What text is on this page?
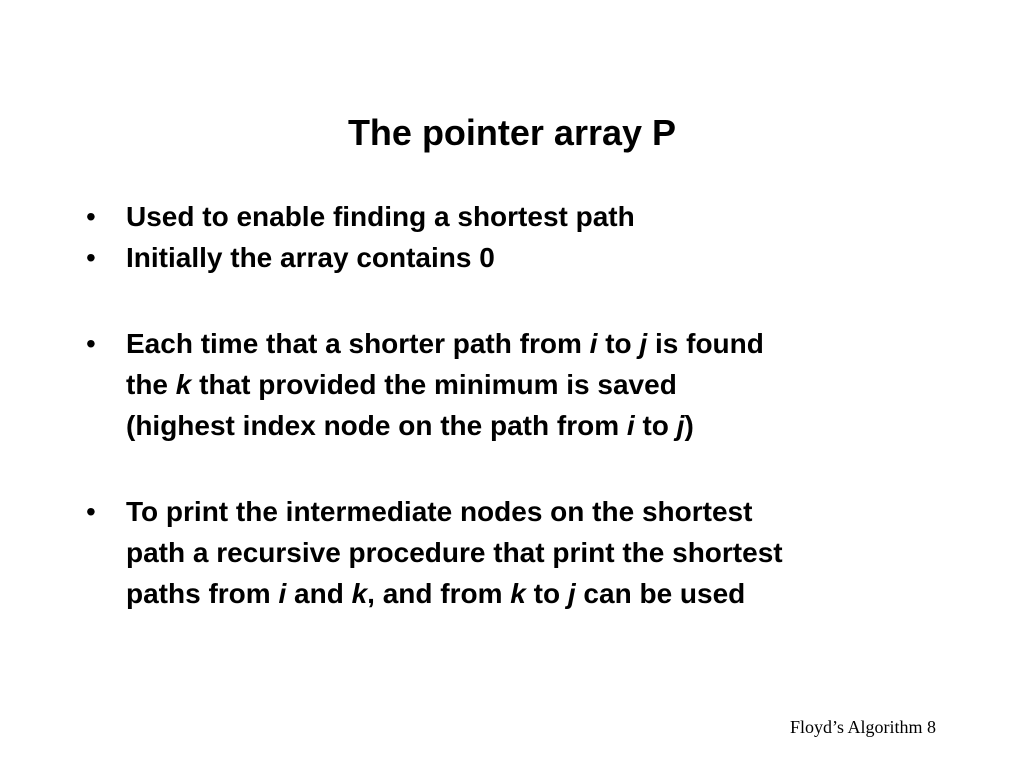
The pointer array P
• Used to enable finding a shortest path
• Initially the array contains 0
• Each time that a shorter path from i to j is found
the k that provided the minimum is saved
(highest index node on the path from i to j)
• To print the intermediate nodes on the shortest
path a recursive procedure that print the shortest
paths from i and k, and from k to j can be used
Floyd’s Algorithm 8
